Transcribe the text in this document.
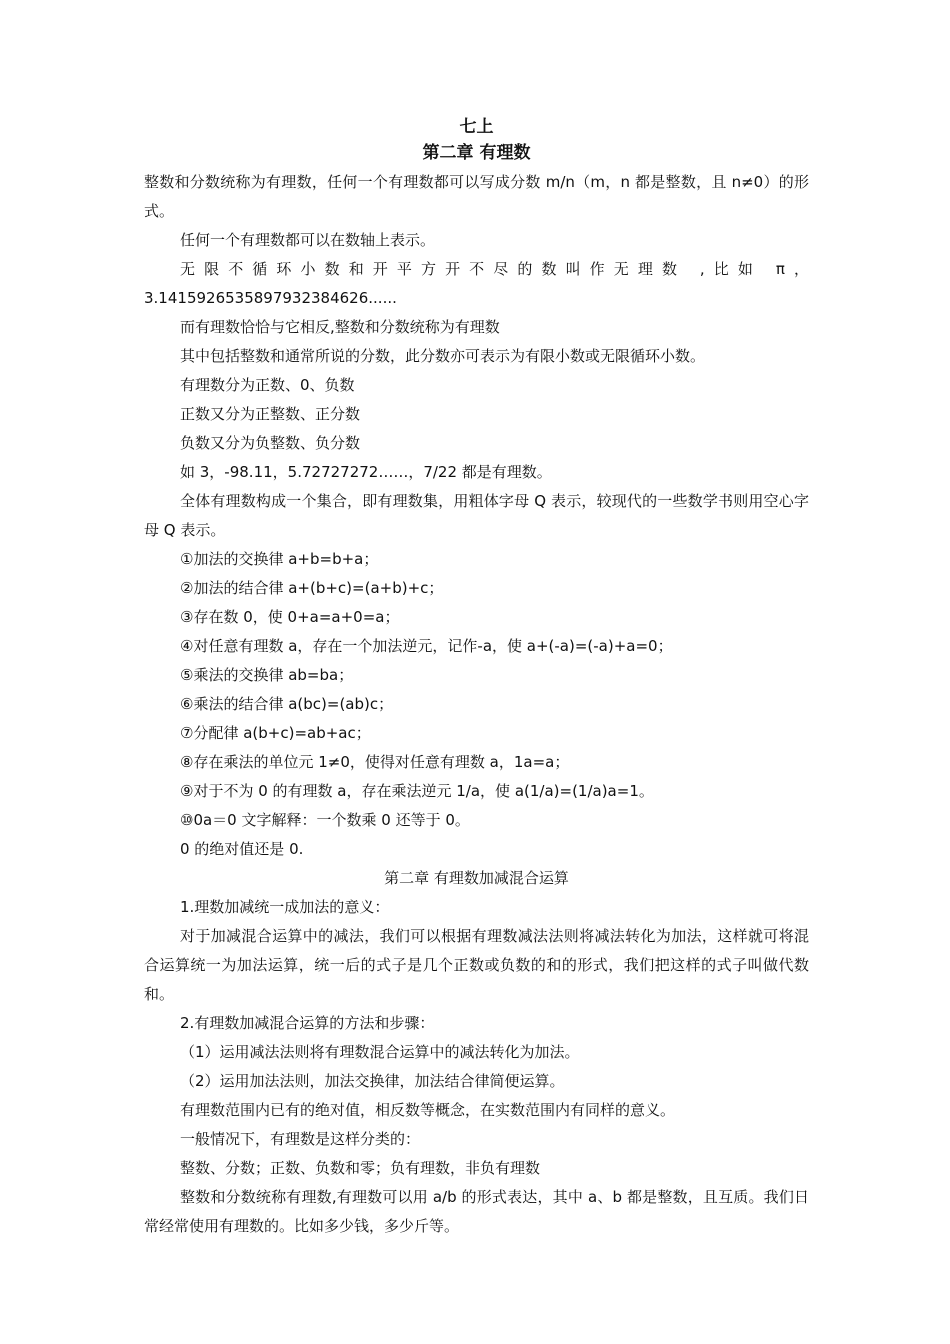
七上
第二章 有理数
整数和分数统称为有理数，任何一个有理数都可以写成分数 m/n（m，n 都是整数，且 n≠0）的形式。
任何一个有理数都可以在数轴上表示。
无限不循环小数和开平方开不尽的数叫作无理数 ,比如 π，3.1415926535897932384626......
而有理数恰恰与它相反,整数和分数统称为有理数
其中包括整数和通常所说的分数，此分数亦可表示为有限小数或无限循环小数。
有理数分为正数、0、负数
正数又分为正整数、正分数
负数又分为负整数、负分数
如 3，-98.11，5.72727272……，7/22 都是有理数。
全体有理数构成一个集合，即有理数集，用粗体字母 Q 表示，较现代的一些数学书则用空心字母 Q 表示。
①加法的交换律 a+b=b+a；
②加法的结合律 a+(b+c)=(a+b)+c；
③存在数 0，使 0+a=a+0=a；
④对任意有理数 a，存在一个加法逆元，记作-a，使 a+(-a)=(-a)+a=0；
⑤乘法的交换律 ab=ba；
⑥乘法的结合律 a(bc)=(ab)c；
⑦分配律 a(b+c)=ab+ac；
⑧存在乘法的单位元 1≠0，使得对任意有理数 a，1a=a；
⑨对于不为 0 的有理数 a，存在乘法逆元 1/a，使 a(1/a)=(1/a)a=1。
⑩0a＝0 文字解释：一个数乘 0 还等于 0。
0 的绝对值还是 0.
第二章 有理数加减混合运算
1.理数加减统一成加法的意义：
对于加减混合运算中的减法，我们可以根据有理数减法法则将减法转化为加法，这样就可将混合运算统一为加法运算，统一后的式子是几个正数或负数的和的形式，我们把这样的式子叫做代数和。
2.有理数加减混合运算的方法和步骤：
（1）运用减法法则将有理数混合运算中的减法转化为加法。
（2）运用加法法则，加法交换律，加法结合律简便运算。
有理数范围内已有的绝对值，相反数等概念，在实数范围内有同样的意义。
一般情况下，有理数是这样分类的：
整数、分数；正数、负数和零；负有理数，非负有理数
整数和分数统称有理数,有理数可以用 a/b 的形式表达，其中 a、b 都是整数，且互质。我们日常经常使用有理数的。比如多少钱，多少斤等。
